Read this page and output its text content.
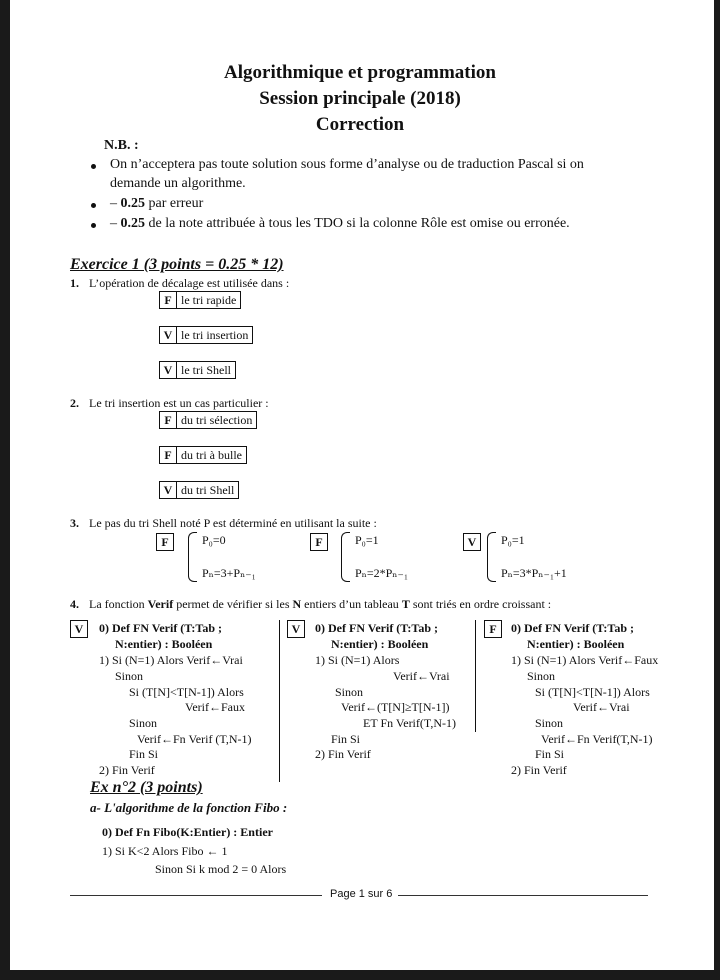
Algorithmique et programmation
Session principale (2018)
Correction
N.B. :
On n’acceptera pas toute solution sous forme d’analyse ou de traduction Pascal si on
demande un algorithme.
– 0.25 par erreur
– 0.25 de la note attribuée à tous les TDO si la colonne Rôle est omise ou erronée.
Exercice 1 (3 points = 0.25 * 12)
1. L’opération de décalage est utilisée dans :
F le tri rapide
V le tri insertion
V le tri Shell
2. Le tri insertion est un cas particulier :
F du tri sélection
F du tri à bulle
V du tri Shell
3. Le pas du tri Shell noté P est déterminé en utilisant la suite :
F	P₀=0
Pₙ=3+Pₙ₋₁
F	P₀=1
Pₙ=2*Pₙ₋₁
V	P₀=1
Pₙ=3*Pₙ₋₁+1
4. La fonction Verif permet de vérifier si les N entiers d’un tableau T sont triés en ordre croissant :
V	0) Def FN Verif (T:Tab ;
N:entier) : Booléen
1) Si (N=1) Alors Verif←Vrai
Sinon
Si (T[N]<T[N-1]) Alors
Verif←Faux
Sinon
Verif←Fn Verif (T,N-1)
Fin Si
2) Fin Verif
V	0) Def FN Verif (T:Tab ;
N:entier) : Booléen
1) Si (N=1) Alors
Verif←Vrai
Sinon
Verif←(T[N]≥T[N-1])
ET Fn Verif(T,N-1)
Fin Si
2) Fin Verif
F	0) Def FN Verif (T:Tab ;
N:entier) : Booléen
1) Si (N=1) Alors Verif←Faux
Sinon
Si (T[N]<T[N-1]) Alors
Verif←Vrai
Sinon
Verif←Fn Verif(T,N-1)
Fin Si
2) Fin Verif
Ex n°2 (3 points)
a- L'algorithme de la fonction Fibo :
0) Def Fn Fibo(K:Entier) : Entier
1) Si K<2 Alors Fibo ← 1
Sinon Si k mod 2 = 0 Alors
Page 1 sur 6
